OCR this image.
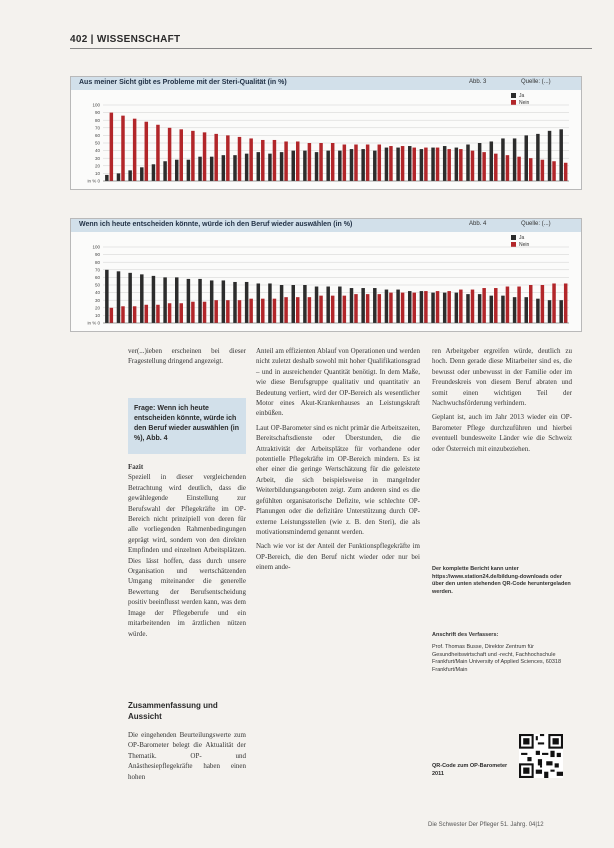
402 | WISSENSCHAFT
Aus meiner Sicht gibt es Probleme mit der Steri-Qualität (in %)	Abb. 3	Quelle: (...)
Ja
Nein
100
90
80
70
60
50
40
30
20
10
in % 0
Wenn ich heute entscheiden könnte, würde ich den Beruf wieder auswählen (in %)	Abb. 4	Quelle: (...)
Ja
Nein
100
90
80
70
60
50
40
30
20
10
in % 0

ver(...)ieben erscheinen bei dieser Fragestellung dringend angezeigt.

Frage: Wenn ich heute entscheiden könnte, würde ich den Beruf wieder auswählen (in %), Abb. 4

Fazit

Speziell in dieser vergleichenden Betrachtung wird deutlich, dass die gewählegende Einstellung zur Berufswahl der Pflegekräfte im OP-Bereich nicht prinzipiell von deren für alle vorliegenden Rahmenbedingungen geprägt wird, sondern von den direkten Empfinden und einzelnen Arbeitsplätzen. Dies lässt hoffen, dass durch unsere Organisation und wertschätzenden Umgang miteinander die generelle Bewertung der Berufsentscheidung positiv beeinflusst werden kann, was dem Image der Pflegeberufe und ein mitarbeitenden im ärztlichen nützen würde.

Zusammenfassung und Aussicht

Die eingehenden Beurteilungswerte zum OP-Barometer belegt die Aktualität der Thematik. OP- und Anästhesiepflegekräfte haben einen hohen

Anteil am effizienten Ablauf von Operationen und werden nicht zuletzt deshalb sowohl mit hoher Qualifikationsgrad – und in ausreichender Quantität benötigt. In dem Maße, wie diese Berufsgruppe qualitativ und quantitativ an Bedeutung verliert, wird der OP-Bereich als wesentlicher Motor eines Akut-Krankenhauses an Leistungskraft einbüßen.

Laut OP-Barometer sind es nicht primär die Arbeitszeiten, Bereitschaftsdienste oder Überstunden, die die Attraktivität der Arbeitsplätze für vorhandene oder potentielle Pflegekräfte im OP-Bereich mindern. Es ist eher einer die geringe Wertschätzung für die geleistete Arbeit, die sich beispielsweise in mangelnder Weiterbildungsangeboten zeigt. Zum anderen sind es die gefühlten organisatorische Defizite, wie schlechte OP-Planungen oder die defizitäre Unterstützung durch OP-externe Leistungsstellen (wie z. B. den Steri), die als motivationsmindernd genannt werden.

Nach wie vor ist der Anteil der Funktionspflegekräfte im OP-Bereich, die den Beruf nicht wieder oder nur bei einem ande-

ren Arbeitgeber ergreifen würde, deutlich zu hoch. Denn gerade diese Mitarbeiter sind es, die bewusst oder unbewusst in der Familie oder im Freundeskreis von diesem Beruf abraten und somit einen wichtigen Teil der Nachwuchsförderung verhindern.

Geplant ist, auch im Jahr 2013 wieder ein OP-Barometer Pflege durchzuführen und hierbei eventuell bundesweite Länder wie die Schweiz oder Österreich mit einzubeziehen.

Der komplette Bericht kann unter https://www.station24.de/bildung-downloads oder über den unten stehenden QR-Code heruntergeladen werden.
Anschrift des Verfassers:
Prof. Thomas Busse, Direktor Zentrum für Gesundheitswirtschaft und -recht, Fachhochschule Frankfurt/Main University of Applied Sciences, 60318 Frankfurt/Main
QR-Code zum OP-Barometer 2011
Die Schwester Der Pfleger 51. Jahrg. 04|12
